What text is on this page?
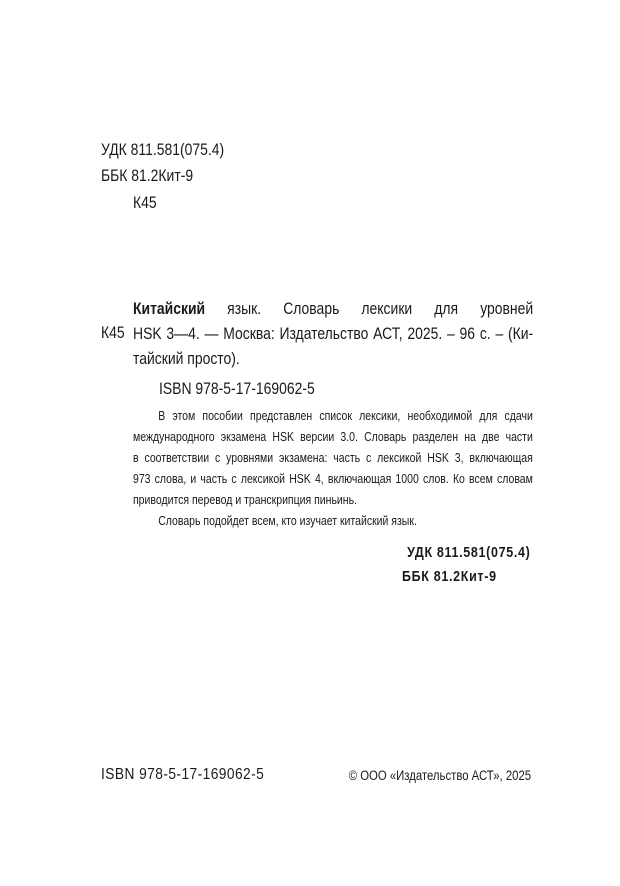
УДК 811.581(075.4)
ББК 81.2Кит-9
К45
К45
Китайский язык. Словарь лексики для уровней
HSK 3—4. — Москва: Издательство АСТ, 2025. – 96 с. – (Ки-
тайский просто).
ISBN 978-5-17-169062-5
В этом пособии представлен список лексики, необходимой для сдачи
международного экзамена HSK версии 3.0. Словарь разделен на две части
в соответствии с уровнями экзамена: часть с лексикой HSK 3, включающая
973 слова, и часть с лексикой HSK 4, включающая 1000 слов. Ко всем словам
приводится перевод и транскрипция пиньинь.
Словарь подойдет всем, кто изучает китайский язык.
УДК 811.581(075.4)
ББК 81.2Кит-9
ISBN 978-5-17-169062-5	© ООО «Издательство АСТ», 2025
